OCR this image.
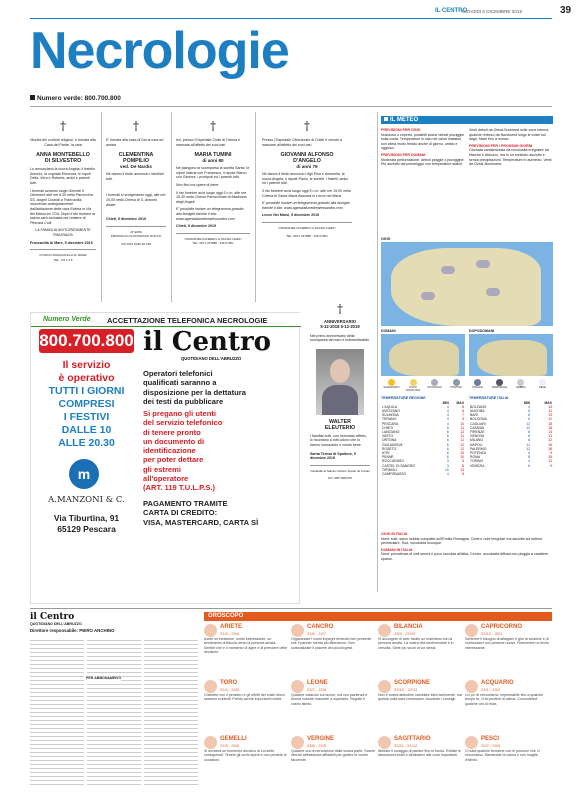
IL CENTRO
GIOVEDÌ 5 DICEMBRE 2019	39
Necrologie
Numero verde: 800.700.800
†
Munita dei conforti religiosi, è tornata alla Casa del Padre, la cara
ANNA MONTEBELLO
DI SILVESTRO
Lo annunciano la nuora Angela, il fratello Antonio, la cognata Eleonora, le nipoti Delia, Vera e Roberta, amici e parenti tutti.
I funerali avranno luogo Giovedì 5 Dicembre alle ore 9.30 nella Parrocchia SS. Angeli Custodi a Francavilla, muovendo anticipatamente dall'abitazione della cara Estinta in Via dei Marrucini 37/A. Dopo il rito funebre la salma sarà tumulata nel cimitero di Pescara Colli.
LA FAMIGLIA ANTICIPATAMENTE RINGRAZIA
Francavilla Al Mare, 5 dicembre 2019
DI PECO FRANCAVILLA AL MARE
TEL. 0 8 1 3 8
†
E' tornata alla casa di Dio la cara ed amata
CLEMENTINA
POMPILIO
ved. De Nardis
Ne danno il triste annuncio i familiari tutti.
I funerali si svolgeranno oggi, alle ore 15,00 nella Chiesa di S. Antonio Abate.
Chieti, 5 dicembre 2019
AT ERNI
PROPAGOLO E ROSSISCO ROCCO
VIA DOS SADI 92 158
†
ieri, presso l'Ospedale Civile di Ortona è mancata all'affetto dei suoi cari
MARIA TUMINI
di anni 80
Ne piangono la scomparsa la sorella Santa, le nipoti Valeria con Francesco, il nipote Marco con Ginevra, i pronipoti ed i parenti tutti.
Non fiori ma opere di bene
Il rito funebre avrà luogo oggi 5 c.m. alle ore 15,30 nella Chiesa Parrocchiale di Madonna degli Angeli.
E' possibile inviare un telegramma gratuito alla famiglia tramite il sito: www.agenziafunebrealessandro.com
Chieti, 5 dicembre 2019
ONORANZE FUNEBRI LA SACRA CHIETI
TEL. 0871 347888 - 336 67951
†
Presso l'Ospedale Clinicizzato di Chieti è venuto a mancare all'affetto dei suoi cari
GIOVANNI ALFONSO
D'ANGELO
di anni 79
Ne danno il triste annuncio i figli Pino e Antonella, la nuora Angela, il nipote Paolo, le sorelle, i fratelli, amici ed i parenti tutti.
Il rito funebre avrà luogo oggi 5 c.m. alle ore 15,00 nella Chiesa di Santa Maria Assunta in Lecce nei Marsi.
E' possibile inviare un telegramma gratuito alla famiglia tramite il sito: www.agenziafunebrealessandro.com
Lecce Nei Marsi, 5 dicembre 2019
ONORANZE FUNEBRI LA SACRA CHIETI
TEL. 0871 347888 - 336 67951
†
ANNIVERSARIO
5-12-2018 5-12-2019
Nel primo anniversario della scomparsa del caro e indimenticabile
WALTER
ELEUTERIO
I familiari tutti, con immutato affetto, lo ricordano a tutti coloro che lo hanno conosciuto e voluto bene.
Santa Teresa di Spoltore, 5 dicembre 2019
Caludaldi al Salvino Vittorio Spolto de Fortas
NO. 085 4960478
Numero Verde ACCETTAZIONE TELEFONICA NECROLOGIE
800.700.800 il Centro
QUOTIDIANO DELL'ABRUZZO
Il servizio
è operativo
TUTTI I GIORNI
COMPRESI
I FESTIVI
DALLE 10
ALLE 20.30
Operatori telefonici
qualificati saranno a
disposizione per la dettatura
dei testi da pubblicare
Si pregano gli utenti
del servizio telefonico
di tenere pronto
un documento di
identificazione
per poter dettare
gli estremi
all'operatore
(ART. 119 T.U.L.P.S.)
PAGAMENTO TRAMITE
CARTA DI CREDITO:
VISA, MASTERCARD, CARTA SÌ
m
A.MANZONI & C.
Via Tiburtina, 91
65129 Pescara
IL METEO
PREVISIONI PER OGGI
Nuvoloso o coperto, possibili anche deboli pioviggini sulla costa. Temperature in calo nei valori massimi, con clima molto freddo anche di giorno, umido e uggioso.
PREVISIONI PER DOMANI
Moderata perturbazione, deboli pioggie o pioviggine. Più asciutto dal pomeriggio con temperature stabili.
Venti deboli da Ovest-Sudovest sulle zone interne, qualche rinforzo da Nordovest lungo le coste sul largo. Mare fino a mosso.
PREVISIONI PER I PROSSIMI GIORNI
Giornata caratterizzata da nuvolosità irregolare tra Marche e Abruzzo, ma in un contesto asciutto e senza precipitazioni. Temperature in aumento. Venti da Ovest-Nordovest.
OGGI
DOMANI	DOPODOMANI
SOLEGGIATO	POCO NUVOLOSO
NUVOLOSO	PIOVOSO	PIOGGIA	TEMPORALE	NEBBIA	NEVE
TEMPERATURE REGIONE
	MIN	MAX
L'AQUILA	4	8
AVEZZANO	4	8
SULMONA	4	7
TERAMO	4	9
PESCARA	4	10
CHIETI	6	11
LANCIANO	6	12
VASTO	6	11
ORTONA	6	11
GIULIANOVA	6	12
ROSETO	6	12
ATRI	6	10
PENNE	6	10
ROCCARASO	3	8
CASTEL DI SANGRO	3	8
TERMOLI	10	13
CAMPOBASSO	4	8
TEMPERATURE ITALIA
	MIN	MAX
BOLZANO	4	13
ANCONA	6	12
BARI	6	13
BOLOGNA	6	12
CAGLIARI	12	18
CATANIA	12	18
FIRENZE	6	13
GENOVA	6	13
MILANO	6	12
NAPOLI	11	16
PALERMO	12	18
POTENZA	4	9
ROMA	8	15
TORINO	4	13
VENEZIA	6	9
OGGI IN ITALIA
Nord: sole, salvo nebbie compatte sull'Emilia Romagna. Centro: nubi irregolari ma asciutto sul settore peninsulare. Sud: nuvolosità ovunque.
DOMANI IN ITALIA
Nord: prevalenza di cieli sereni e poco nuvolosi all'alba. Centro: nuvolosità diffusa con pioggia a carattere sparso.
il Centro
QUOTIDIANO DELL'ABRUZZO
Direttore responsabile: PIERO ANCHINO
PER ABBONAMENTI
OROSCOPO
ARIETE
21/3 - 20/4
Avete un'intuizione, molto interessante, un sentimento di fiducia verso la persona amata. Sentite che è il momento di agire e di prendere delle decisioni.
CANCRO
21/6 - 22/7
Organizzate i vostri impegni tenendo ben presente che il partner merita più attenzione. Non sottovalutate il piacere dei piccoli gesti.
BILANCIA
23/9 - 22/10
Vi accorgete di aver risolto un malinteso con la persona amata. La vostra vita sentimentale è in crescita. Siete più sicuri di voi stessi.
CAPRICORNO
22/12 - 20/1
Sentirete il bisogno di allargare il giro di amicizie e di confrontarvi con persone nuove. Riceverete un invito interessante.
TORO
21/4 - 20/5
Chiedete con il pensiero e gli effetti dei vostri sforzi saranno evidenti. Presto avrete importanti novità.
LEONE
23/7 - 22/8
Qualche ostacolo sul lavoro, ma con pazienza e buona volontà riuscirete a superarlo. Seguite il vostro istinto.
SCORPIONE
23/10 - 22/11
Non è vostra abitudine cambiare idea facilmente, ma questa volta sarà necessario. Ascoltate i consigli.
ACQUARIO
21/1 - 19/2
Un po' di nervosismo, impensabile fino a qualche tempo fa, vi fa perdere la calma. Concedetevi qualche ora di relax.
GEMELLI
21/5 - 20/6
Si avvicina un momento decisivo di cui siete consapevoli. Tenete gli occhi aperti e non perdete le occasioni.
VERGINE
23/8 - 22/9
Qualche ora di nervosismo dalla vostra parte. Sarete ritenuti abbastanza affidabili per gestire le vostre faccende.
SAGITTARIO
22/11 - 21/12
Abbiate il coraggio di parlare fino in fondo. Evitate le discussioni inutili e dedicatevi alle cose importanti.
PESCI
20/2 - 20/3
Ci sarà qualche tensione con le persone che vi circondano. Mantenete la calma e non reagite d'istinto.
